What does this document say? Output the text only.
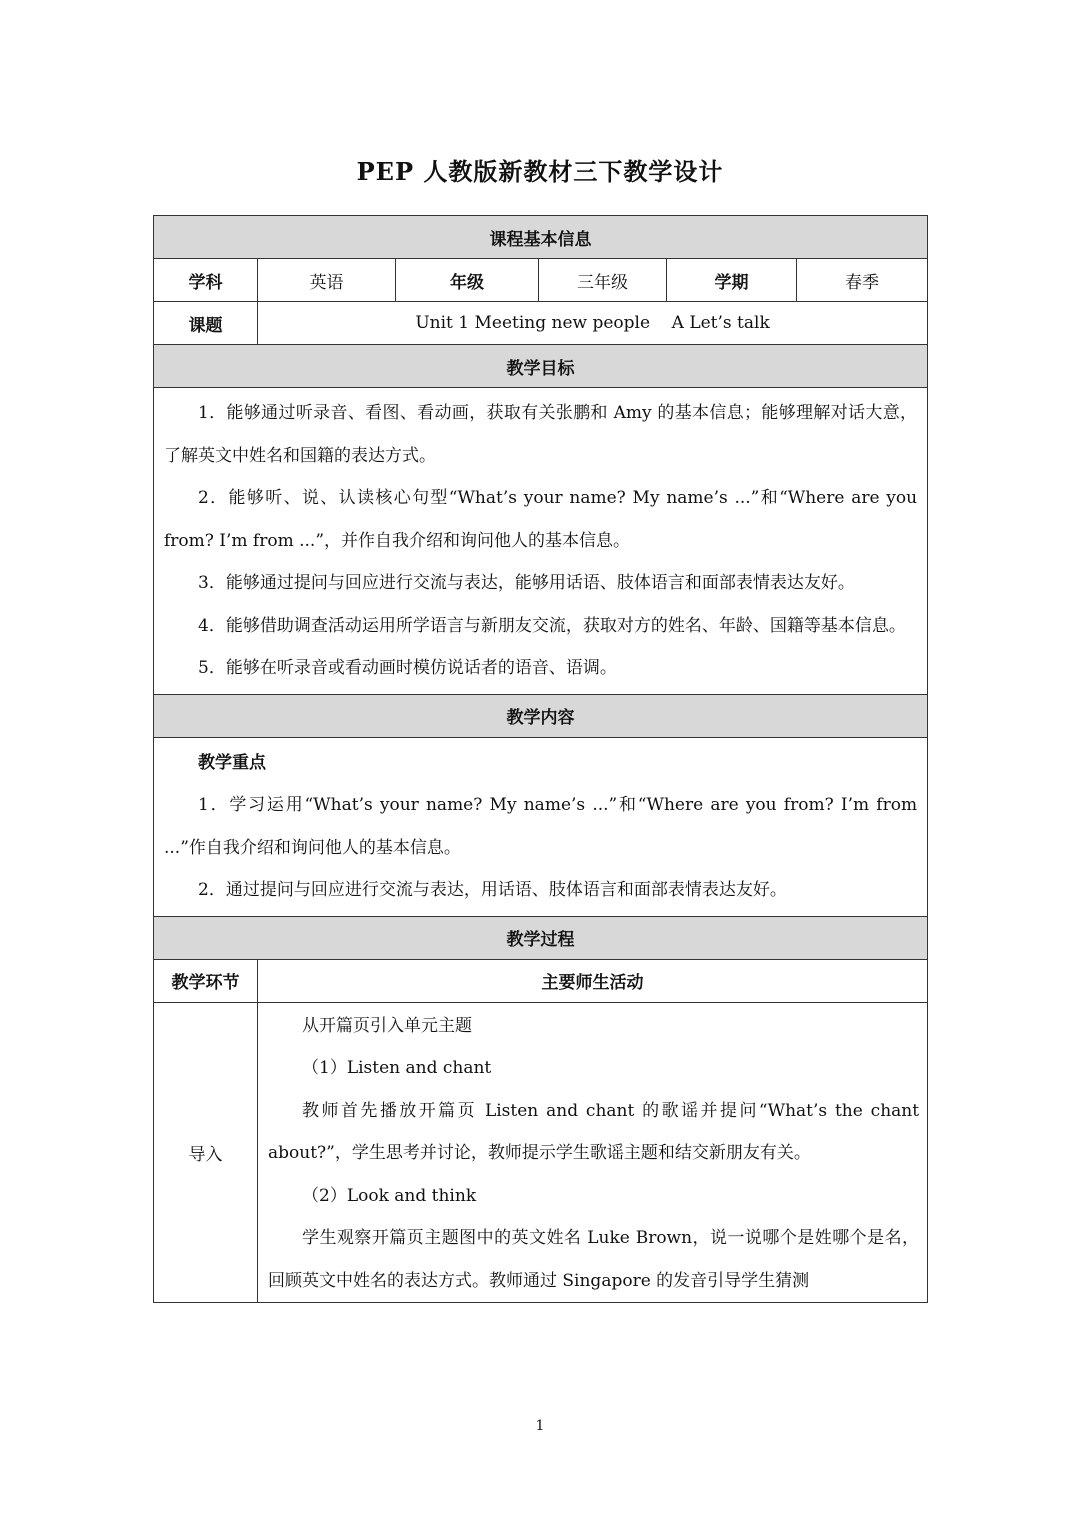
PEP 人教版新教材三下教学设计
课程基本信息					
学科	英语	年级	三年级	学期	春季
课题	Unit 1 Meeting new people    A Let’s talk				
教学目标					

1．能够通过听录音、看图、看动画，获取有关张鹏和 Amy 的基本信息；能够理解对话大意，了解英文中姓名和国籍的表达方式。

2．能够听、说、认读核心句型“What’s your name? My name’s ...”和“Where are you from? I’m from ...”，并作自我介绍和询问他人的基本信息。

3．能够通过提问与回应进行交流与表达，能够用话语、肢体语言和面部表情表达友好。

4．能够借助调查活动运用所学语言与新朋友交流，获取对方的姓名、年龄、国籍等基本信息。

5．能够在听录音或看动画时模仿说话者的语音、语调。					

教学内容					

教学重点

1．学习运用“What’s your name? My name’s ...”和“Where are you from? I’m from ...”作自我介绍和询问他人的基本信息。

2．通过提问与回应进行交流与表达，用话语、肢体语言和面部表情表达友好。					

教学过程					
教学环节	主要师生活动				
导入	从开篇页引入单元主题

（1）Listen and chant

教师首先播放开篇页 Listen and chant 的歌谣并提问“What’s the chant about?”，学生思考并讨论，教师提示学生歌谣主题和结交新朋友有关。

（2）Look and think

学生观察开篇页主题图中的英文姓名 Luke Brown，说一说哪个是姓哪个是名，回顾英文中姓名的表达方式。教师通过 Singapore 的发音引导学生猜测				

1
